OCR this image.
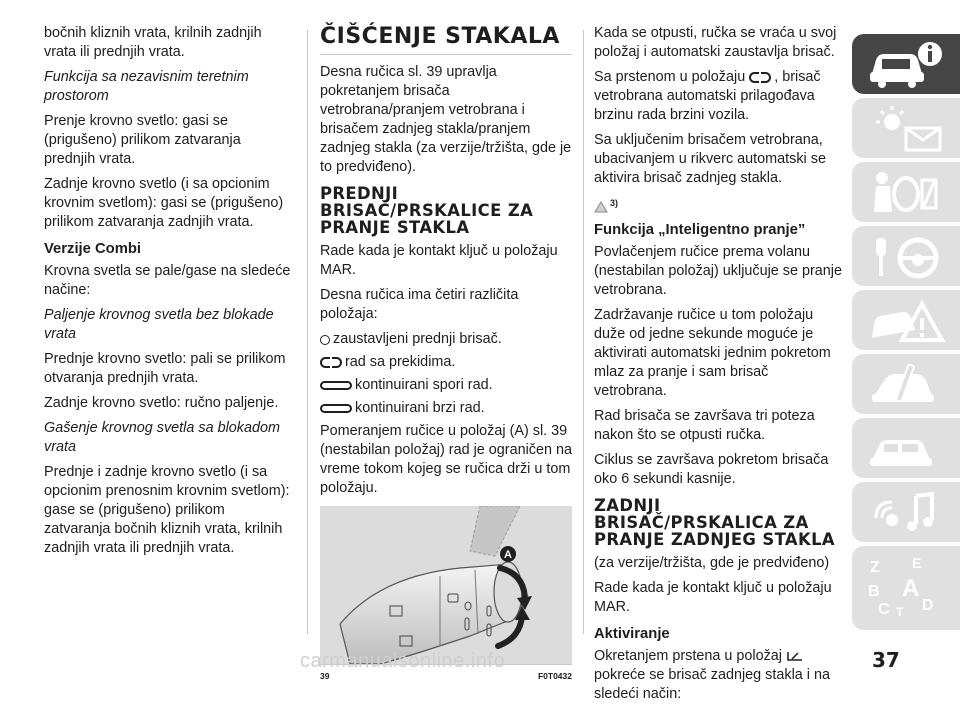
bočnih kliznih vrata, krilnih zadnjih vrata ili prednjih vrata.

Funkcija sa nezavisnim teretnim prostorom

Prenje krovno svetlo: gasi se (prigušeno) prilikom zatvaranja prednjih vrata.

Zadnje krovno svetlo (i sa opcionim krovnim svetlom): gasi se (prigušeno) prilikom zatvaranja zadnjih vrata.

Verzije Combi

Krovna svetla se pale/gase na sledeće načine:

Paljenje krovnog svetla bez blokade vrata

Prednje krovno svetlo: pali se prilikom otvaranja prednjih vrata.

Zadnje krovno svetlo: ručno paljenje.

Gašenje krovnog svetla sa blokadom vrata

Prednje i zadnje krovno svetlo (i sa opcionim prenosnim krovnim svetlom): gase se (prigušeno) prilikom zatvaranja bočnih kliznih vrata, krilnih zadnjih vrata ili prednjih vrata.

ČIŠĆENJE STAKALA

Desna ručica sl. 39 upravlja pokretanjem brisača vetrobrana/pranjem vetrobrana i brisačem zadnjeg stakla/pranjem zadnjeg stakla (za verzije/tržišta, gde je to predviđeno).

PREDNJI BRISAČ/PRSKALICE ZA PRANJE STAKLA

Rade kada je kontakt ključ u položaju MAR.

Desna ručica ima četiri različita položaja:

zaustavljeni prednji brisač.
rad sa prekidima.
kontinuirani spori rad.
kontinuirani brzi rad.

Pomeranjem ručice u položaj (A) sl. 39 (nestabilan položaj) rad je ograničen na vreme tokom kojeg se ručica drži u tom položaju.

A
39	F0T0432

Kada se otpusti, ručka se vraća u svoj položaj i automatski zaustavlja brisač.

Sa prstenom u položaju , brisač vetrobrana automatski prilagođava brzinu rada brzini vozila.

Sa uključenim brisačem vetrobrana, ubacivanjem u rikverc automatski se aktivira brisač zadnjeg stakla.

3)
Funkcija „Inteligentno pranje”

Povlačenjem ručice prema volanu (nestabilan položaj) uključuje se pranje vetrobrana.

Zadržavanje ručice u tom položaju duže od jedne sekunde moguće je aktivirati automatski jednim pokretom mlaz za pranje i sam brisač vetrobrana.

Rad brisača se završava tri poteza nakon što se otpusti ručka.

Ciklus se završava pokretom brisača oko 6 sekundi kasnije.

ZADNJI BRISAČ/PRSKALICA ZA PRANJE ZADNJEG STAKLA

(za verzije/tržišta, gde je predviđeno)

Rade kada je kontakt ključ u položaju MAR.

Aktiviranje

Okretanjem prstena u položaj
pokreće se brisač zadnjeg stakla i na sledeći način:

Z E
B A
C T D
carmanualsonline.info	37
